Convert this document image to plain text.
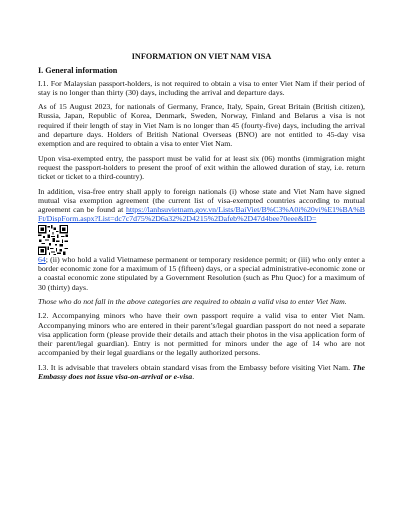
INFORMATION ON VIET NAM VISA
I. General information

I.1. For Malaysian passport-holders, is not required to obtain a visa to enter Viet Nam if their period of stay is no longer than thirty (30) days, including the arrival and departure days.

As of 15 August 2023, for nationals of Germany, France, Italy, Spain, Great Britain (British citizen), Russia, Japan, Republic of Korea, Denmark, Sweden, Norway, Finland and Belarus a visa is not required if their length of stay in Viet Nam is no longer than 45 (fourty-five) days, including the arrival and departure days. Holders of British National Overseas (BNO) are not entitled to 45-day visa exemption and are required to obtain a visa to enter Viet Nam.

Upon visa-exempted entry, the passport must be valid for at least six (06) months (immigration might request the passport-holders to present the proof of exit within the allowed duration of stay, i.e. return ticket or ticket to a third-country).

In addition, visa-free entry shall apply to foreign nationals (i) whose state and Viet Nam have signed mutual visa exemption agreement (the current list of visa-exempted countries according to mutual agreement can be found at https://lanhsuvietnam.gov.vn/Lists/BaiViet/B%C3%A0i%20vi%E1%BA%BFt/DispForm.aspx?List=dc7c7d75%2D6a32%2D4215%2Dafeb%2D47d4bee70eee&ID=

64; (ii) who hold a valid Vietnamese permanent or temporary residence permit; or (iii) who only enter a border economic zone for a maximum of 15 (fifteen) days, or a special administrative-economic zone or a coastal economic zone stipulated by a Government Resolution (such as Phu Quoc) for a maximum of 30 (thirty) days.

Those who do not fall in the above categories are required to obtain a valid visa to enter Viet Nam.

I.2. Accompanying minors who have their own passport require a valid visa to enter Viet Nam. Accompanying minors who are entered in their parent’s/legal guardian passport do not need a separate visa application form (please provide their details and attach their photos in the visa application form of their parent/legal guardian). Entry is not permitted for minors under the age of 14 who are not accompanied by their legal guardians or the legally authorized persons.

I.3. It is advisable that travelers obtain standard visas from the Embassy before visiting Viet Nam. The Embassy does not issue visa-on-arrival or e-visa.
